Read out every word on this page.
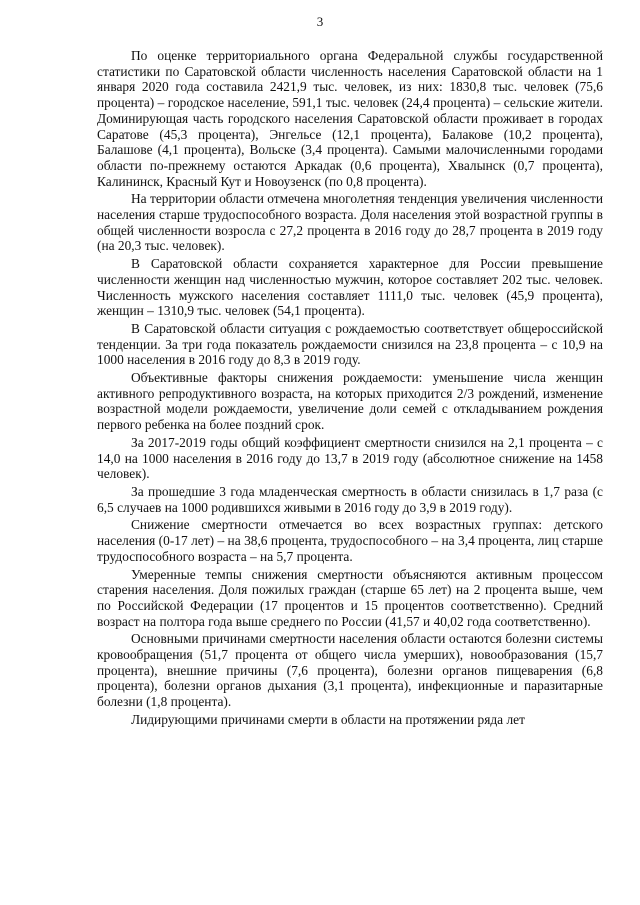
3

По оценке территориального органа Федеральной службы государственной статистики по Саратовской области численность населения Саратовской области на 1 января 2020 года составила 2421,9 тыс. человек, из них: 1830,8 тыс. человек (75,6 процента) – городское население, 591,1 тыс. человек (24,4 процента) – сельские жители. Доминирующая часть городского населения Саратовской области проживает в городах Саратове (45,3 процента), Энгельсе (12,1 процента), Балакове (10,2 процента), Балашове (4,1 процента), Вольске (3,4 процента). Самыми малочисленными городами области по-прежнему остаются Аркадак (0,6 процента), Хвалынск (0,7 процента), Калининск, Красный Кут и Новоузенск (по 0,8 процента).

На территории области отмечена многолетняя тенденция увеличения численности населения старше трудоспособного возраста. Доля населения этой возрастной группы в общей численности возросла с 27,2 процента в 2016 году до 28,7 процента в 2019 году (на 20,3 тыс. человек).

В Саратовской области сохраняется характерное для России превышение численности женщин над численностью мужчин, которое составляет 202 тыс. человек. Численность мужского населения составляет 1111,0 тыс. человек (45,9 процента), женщин – 1310,9 тыс. человек (54,1 процента).

В Саратовской области ситуация с рождаемостью соответствует общероссийской тенденции. За три года показатель рождаемости снизился на 23,8 процента – с 10,9 на 1000 населения в 2016 году до 8,3 в 2019 году.

Объективные факторы снижения рождаемости: уменьшение числа женщин активного репродуктивного возраста, на которых приходится 2/3 рождений, изменение возрастной модели рождаемости, увеличение доли семей с откладыванием рождения первого ребенка на более поздний срок.

За 2017-2019 годы общий коэффициент смертности снизился на 2,1 процента – с 14,0 на 1000 населения в 2016 году до 13,7 в 2019 году (абсолютное снижение на 1458 человек).

За прошедшие 3 года младенческая смертность в области снизилась в 1,7 раза (с 6,5 случаев на 1000 родившихся живыми в 2016 году до 3,9 в 2019 году).

Снижение смертности отмечается во всех возрастных группах: детского населения (0-17 лет) – на 38,6 процента, трудоспособного – на 3,4 процента, лиц старше трудоспособного возраста – на 5,7 процента.

Умеренные темпы снижения смертности объясняются активным процессом старения населения. Доля пожилых граждан (старше 65 лет) на 2 процента выше, чем по Российской Федерации (17 процентов и 15 процентов соответственно). Средний возраст на полтора года выше среднего по России (41,57 и 40,02 года соответственно).

Основными причинами смертности населения области остаются болезни системы кровообращения (51,7 процента от общего числа умерших), новообразования (15,7 процента), внешние причины (7,6 процента), болезни органов пищеварения (6,8 процента), болезни органов дыхания (3,1 процента), инфекционные и паразитарные болезни (1,8 процента).

Лидирующими причинами смерти в области на протяжении ряда лет
